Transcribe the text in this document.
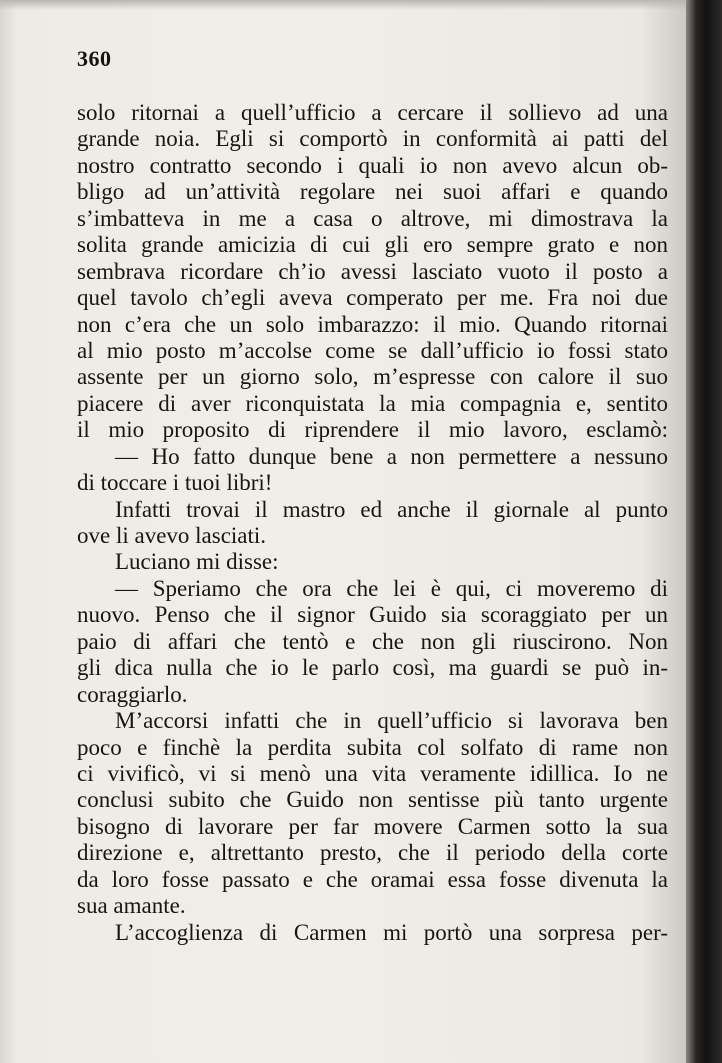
360
solo ritornai a quell’ufficio a cercare il sollievo ad una
grande noia. Egli si comportò in conformità ai patti del
nostro contratto secondo i quali io non avevo alcun ob-
bligo ad un’attività regolare nei suoi affari e quando
s’imbatteva in me a casa o altrove, mi dimostrava la
solita grande amicizia di cui gli ero sempre grato e non
sembrava ricordare ch’io avessi lasciato vuoto il posto a
quel tavolo ch’egli aveva comperato per me. Fra noi due
non c’era che un solo imbarazzo: il mio. Quando ritornai
al mio posto m’accolse come se dall’ufficio io fossi stato
assente per un giorno solo, m’espresse con calore il suo
piacere di aver riconquistata la mia compagnia e, sentito
il mio proposito di riprendere il mio lavoro, esclamò:
— Ho fatto dunque bene a non permettere a nessuno
di toccare i tuoi libri!
Infatti trovai il mastro ed anche il giornale al punto
ove li avevo lasciati.
Luciano mi disse:
— Speriamo che ora che lei è qui, ci moveremo di
nuovo. Penso che il signor Guido sia scoraggiato per un
paio di affari che tentò e che non gli riuscirono. Non
gli dica nulla che io le parlo così, ma guardi se può in-
coraggiarlo.
M’accorsi infatti che in quell’ufficio si lavorava ben
poco e finchè la perdita subita col solfato di rame non
ci vivificò, vi si menò una vita veramente idillica. Io ne
conclusi subito che Guido non sentisse più tanto urgente
bisogno di lavorare per far movere Carmen sotto la sua
direzione e, altrettanto presto, che il periodo della corte
da loro fosse passato e che oramai essa fosse divenuta la
sua amante.
L’accoglienza di Carmen mi portò una sorpresa per-
